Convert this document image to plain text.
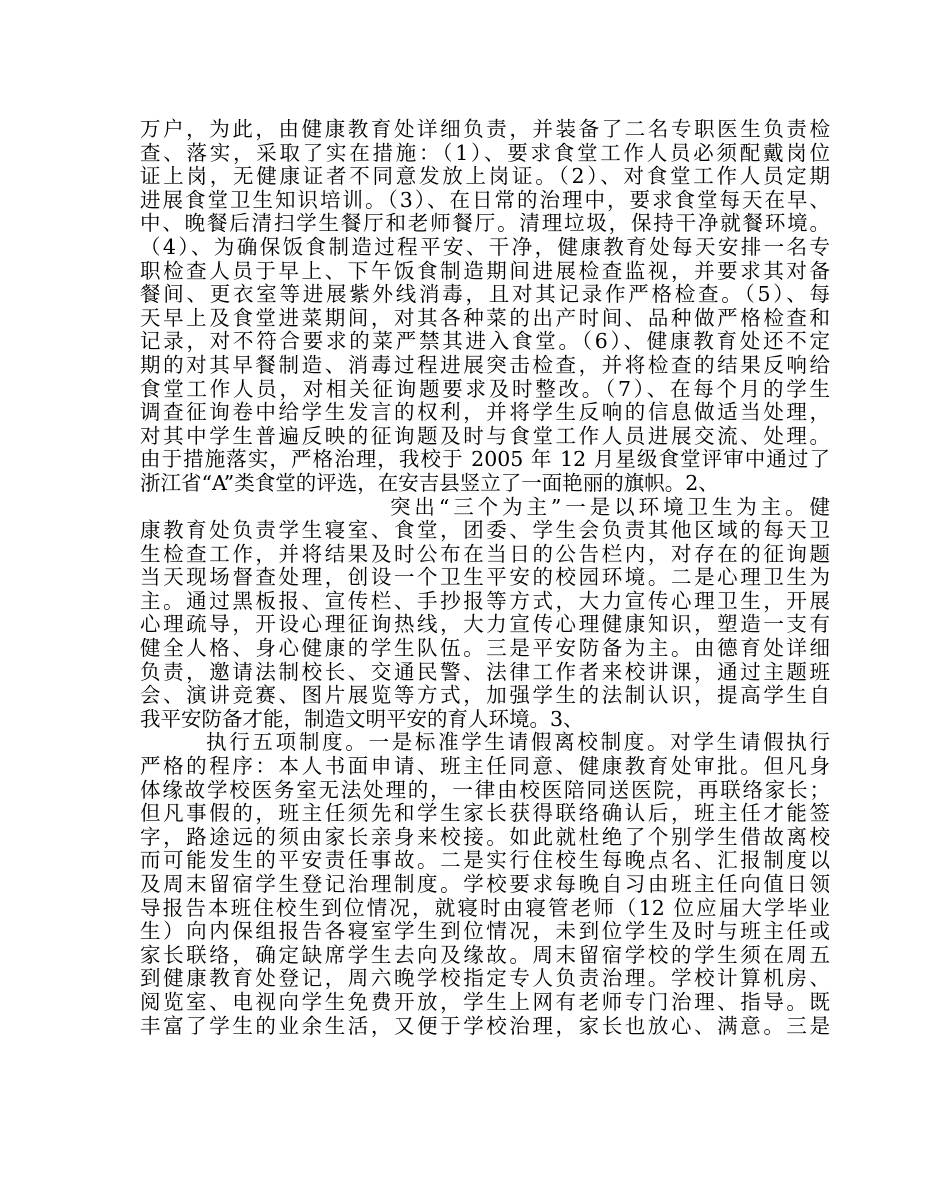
万户，为此，由健康教育处详细负责，并装备了二名专职医生负责检
查、落实，采取了实在措施：（1）、要求食堂工作人员必须配戴岗位
证上岗，无健康证者不同意发放上岗证。（2）、对食堂工作人员定期
进展食堂卫生知识培训。（3）、在日常的治理中，要求食堂每天在早、
中、晚餐后清扫学生餐厅和老师餐厅。清理垃圾，保持干净就餐环境。
（4）、为确保饭食制造过程平安、干净，健康教育处每天安排一名专
职检查人员于早上、下午饭食制造期间进展检查监视，并要求其对备
餐间、更衣室等进展紫外线消毒，且对其记录作严格检查。（5）、每
天早上及食堂进菜期间，对其各种菜的出产时间、品种做严格检查和
记录，对不符合要求的菜严禁其进入食堂。（6）、健康教育处还不定
期的对其早餐制造、消毒过程进展突击检查，并将检查的结果反响给
食堂工作人员，对相关征询题要求及时整改。（7）、在每个月的学生
调查征询卷中给学生发言的权利，并将学生反响的信息做适当处理，
对其中学生普遍反映的征询题及时与食堂工作人员进展交流、处理。
由于措施落实，严格治理，我校于 2005 年 12 月星级食堂评审中通过了
浙江省“A”类食堂的评选，在安吉县竖立了一面艳丽的旗帜。2、
突出“三个为主”一是以环境卫生为主。健
康教育处负责学生寝室、食堂，团委、学生会负责其他区域的每天卫
生检查工作，并将结果及时公布在当日的公告栏内，对存在的征询题
当天现场督查处理，创设一个卫生平安的校园环境。二是心理卫生为
主。通过黑板报、宣传栏、手抄报等方式，大力宣传心理卫生，开展
心理疏导，开设心理征询热线，大力宣传心理健康知识，塑造一支有
健全人格、身心健康的学生队伍。三是平安防备为主。由德育处详细
负责，邀请法制校长、交通民警、法律工作者来校讲课，通过主题班
会、演讲竞赛、图片展览等方式，加强学生的法制认识，提高学生自
我平安防备才能，制造文明平安的育人环境。3、
执行五项制度。一是标准学生请假离校制度。对学生请假执行
严格的程序：本人书面申请、班主任同意、健康教育处审批。但凡身
体缘故学校医务室无法处理的，一律由校医陪同送医院，再联络家长；
但凡事假的，班主任须先和学生家长获得联络确认后，班主任才能签
字，路途远的须由家长亲身来校接。如此就杜绝了个别学生借故离校
而可能发生的平安责任事故。二是实行住校生每晚点名、汇报制度以
及周末留宿学生登记治理制度。学校要求每晚自习由班主任向值日领
导报告本班住校生到位情况，就寝时由寝管老师（12 位应届大学毕业
生）向内保组报告各寝室学生到位情况，未到位学生及时与班主任或
家长联络，确定缺席学生去向及缘故。周末留宿学校的学生须在周五
到健康教育处登记，周六晚学校指定专人负责治理。学校计算机房、
阅览室、电视向学生免费开放，学生上网有老师专门治理、指导。既
丰富了学生的业余生活，又便于学校治理，家长也放心、满意。三是
